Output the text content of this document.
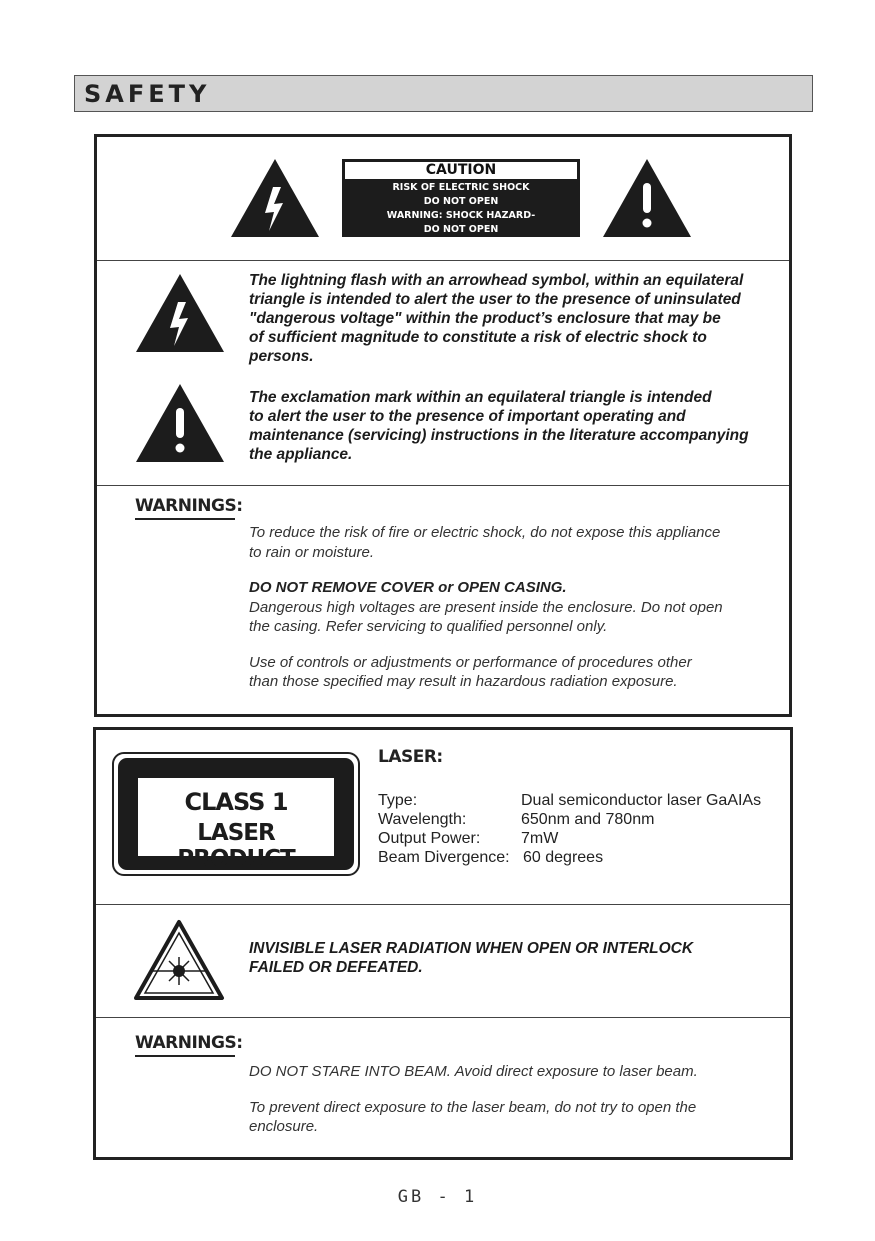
SAFETY
CAUTION
RISK OF ELECTRIC SHOCK
DO NOT OPEN
WARNING: SHOCK HAZARD-
DO NOT OPEN
The lightning flash with an arrowhead symbol, within an equilateral
triangle is intended to alert the user to the presence of uninsulated
"dangerous voltage" within the product’s enclosure that may be
of sufficient magnitude to constitute a risk of electric shock to
persons.
The exclamation mark within an equilateral triangle is intended
to alert the user to the presence of important operating and
maintenance (servicing) instructions in the literature accompanying
the appliance.
WARNINGS:
To reduce the risk of fire or electric shock, do not expose this appliance
to rain or moisture.
DO NOT REMOVE COVER or OPEN CASING.
Dangerous high voltages are present inside the enclosure. Do not open
the casing. Refer servicing to qualified personnel only.
Use of controls or adjustments or performance of procedures other
than those specified may result in hazardous radiation exposure.
CLASS 1
LASER PRODUCT
LASER:
Type:	Dual semiconductor laser GaAIAs
Wavelength:	650nm and 780nm
Output Power:	7mW
Beam Divergence: 60 degrees
INVISIBLE LASER RADIATION WHEN OPEN OR INTERLOCK
FAILED OR DEFEATED.
WARNINGS:
DO NOT STARE INTO BEAM. Avoid direct exposure to laser beam.
To prevent direct exposure to the laser beam, do not try to open the
enclosure.
GB - 1
